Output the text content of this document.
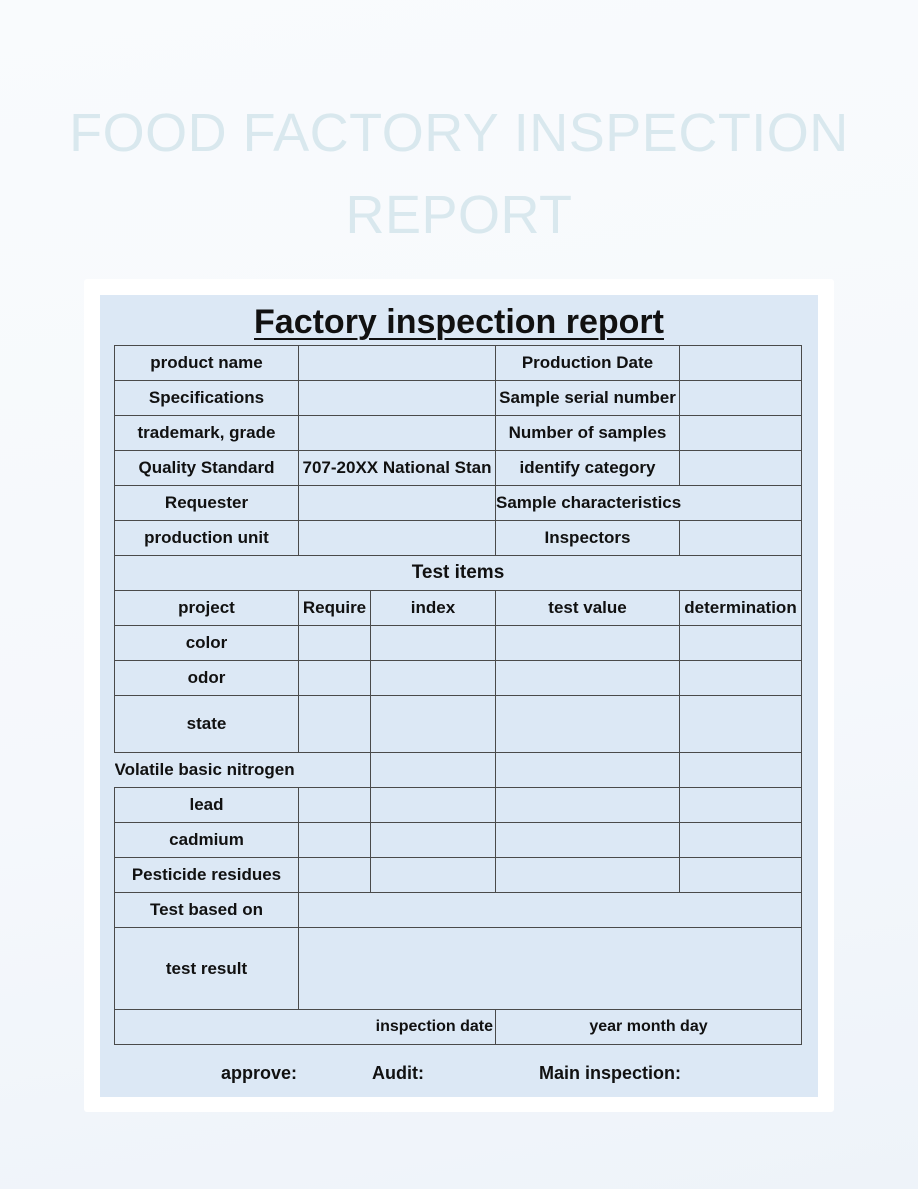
FOOD FACTORY INSPECTION
REPORT
Factory inspection report
product name			Production Date	
Specifications			Sample serial number	
trademark, grade			Number of samples	
Quality Standard	707-20XX National Stan		identify category	
Requester			Sample characteristics	
production unit			Inspectors	
Test items				
project	Require	index	test value	determination
color				
odor				
state				
Volatile basic nitrogen				
lead				
cadmium				
Pesticide residues				
Test based on				
test result				
inspection date			year month day	
approve:	Audit:	Main inspection:
